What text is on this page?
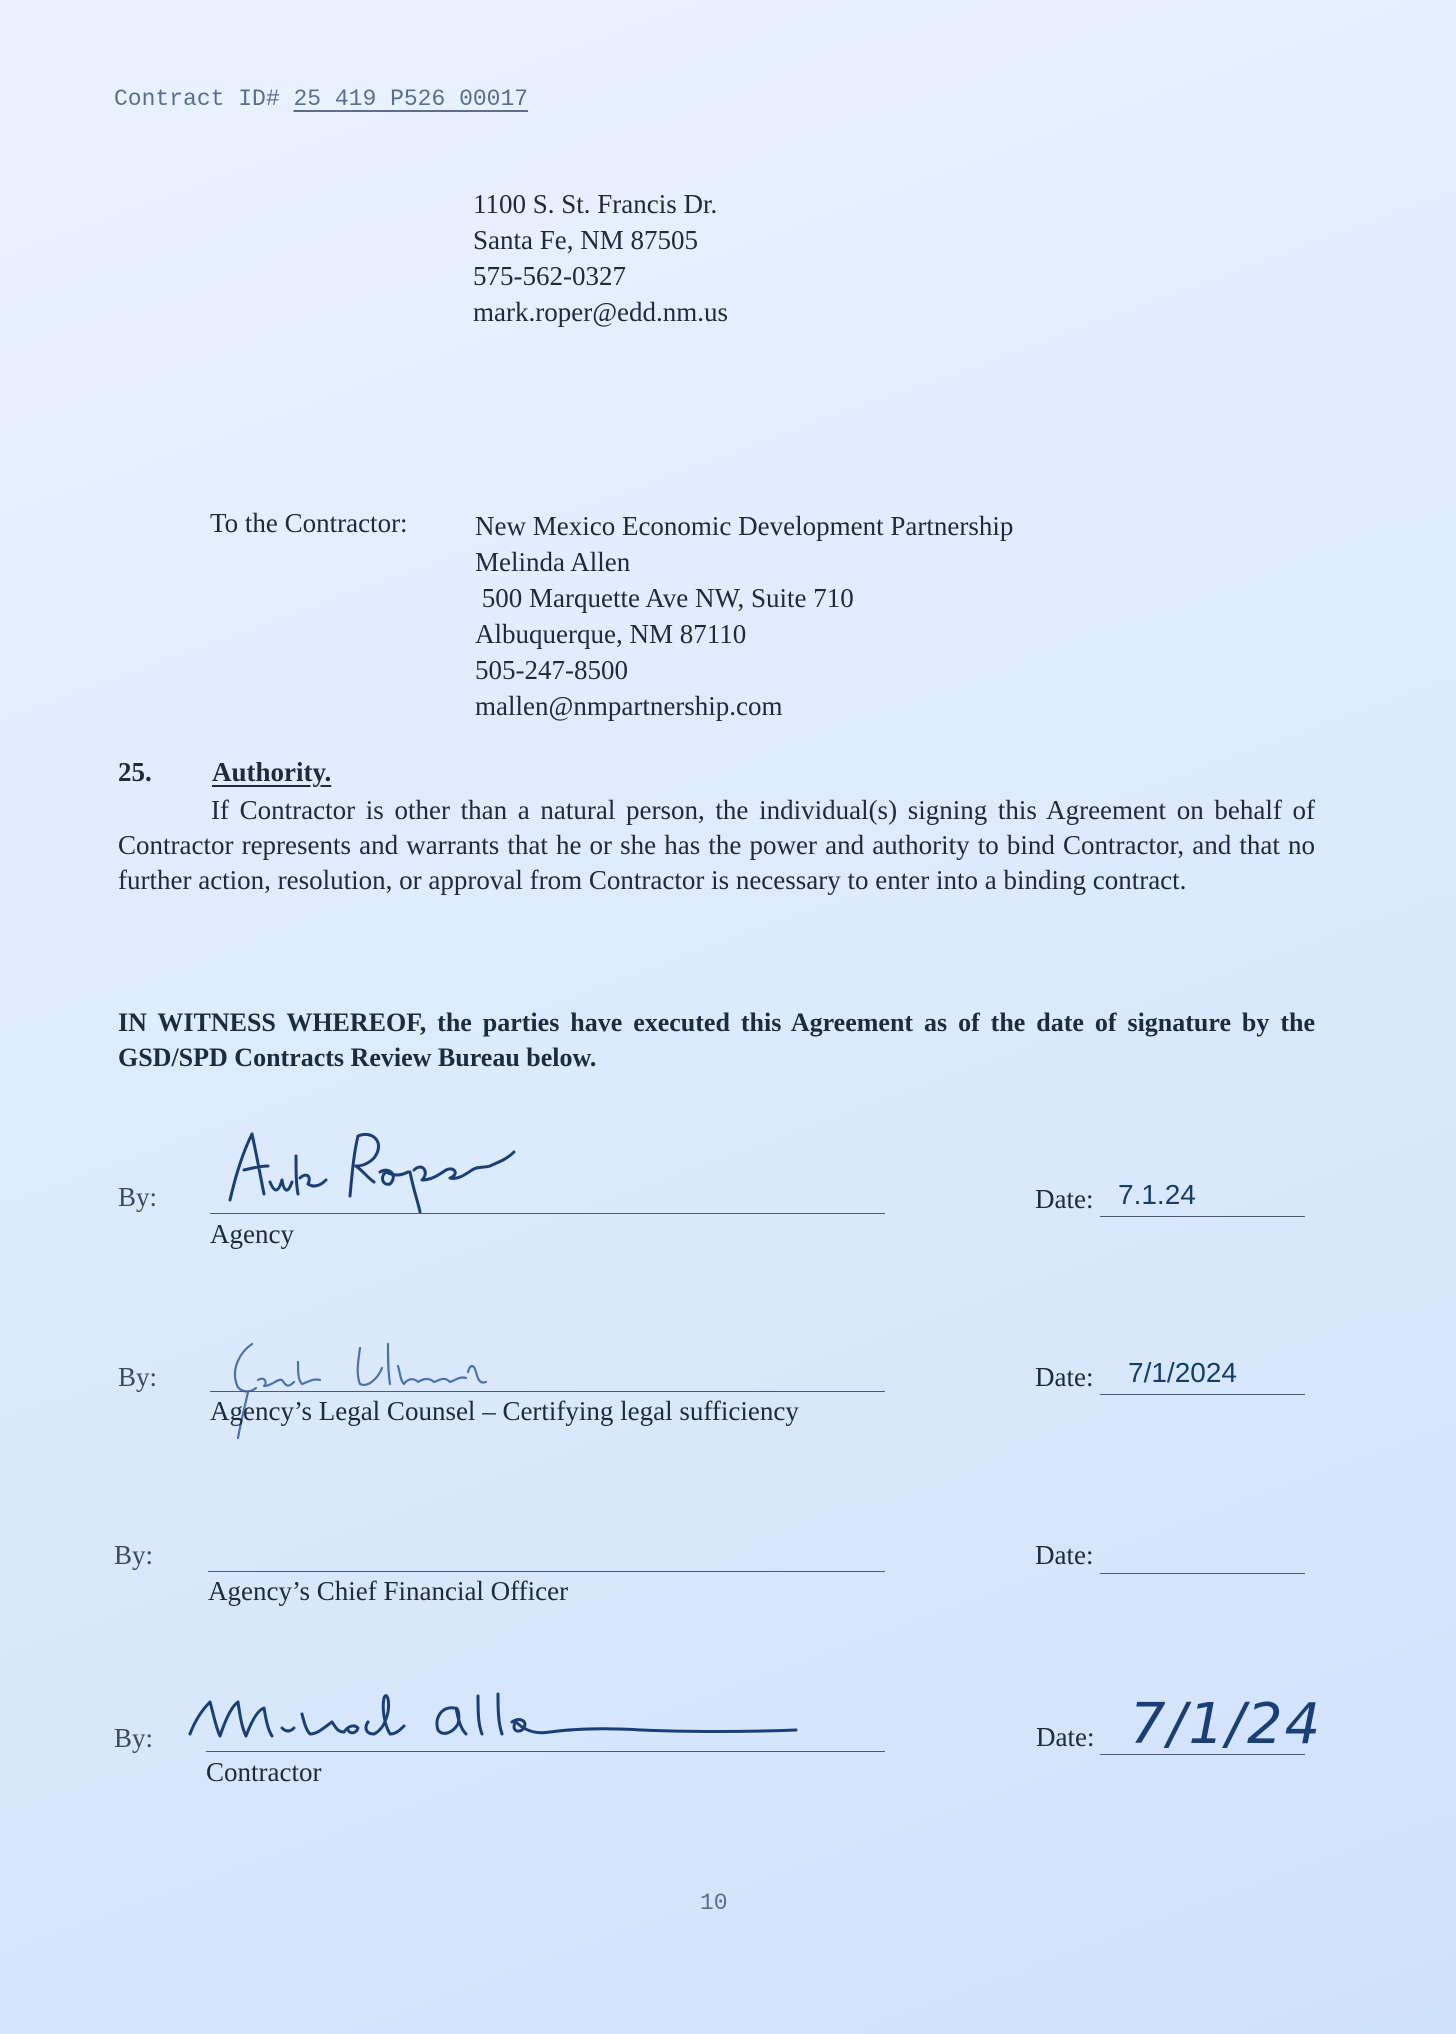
Contract ID# 25 419 P526 00017
1100 S. St. Francis Dr.
Santa Fe, NM 87505
575-562-0327
mark.roper@edd.nm.us
To the Contractor: New Mexico Economic Development Partnership
Melinda Allen
500 Marquette Ave NW, Suite 710
Albuquerque, NM 87110
505-247-8500
mallen@nmpartnership.com
25. Authority.
If Contractor is other than a natural person, the individual(s) signing this Agreement on behalf of Contractor represents and warrants that he or she has the power and authority to bind Contractor, and that no further action, resolution, or approval from Contractor is necessary to enter into a binding contract.
IN WITNESS WHEREOF, the parties have executed this Agreement as of the date of signature by the GSD/SPD Contracts Review Bureau below.
By:
Agency
Date: 7.1.24
By:
Agency’s Legal Counsel – Certifying legal sufficiency
Date: 7/1/2024
By:
Agency’s Chief Financial Officer
Date:
By:
Contractor
Date: 7/1/24
10
